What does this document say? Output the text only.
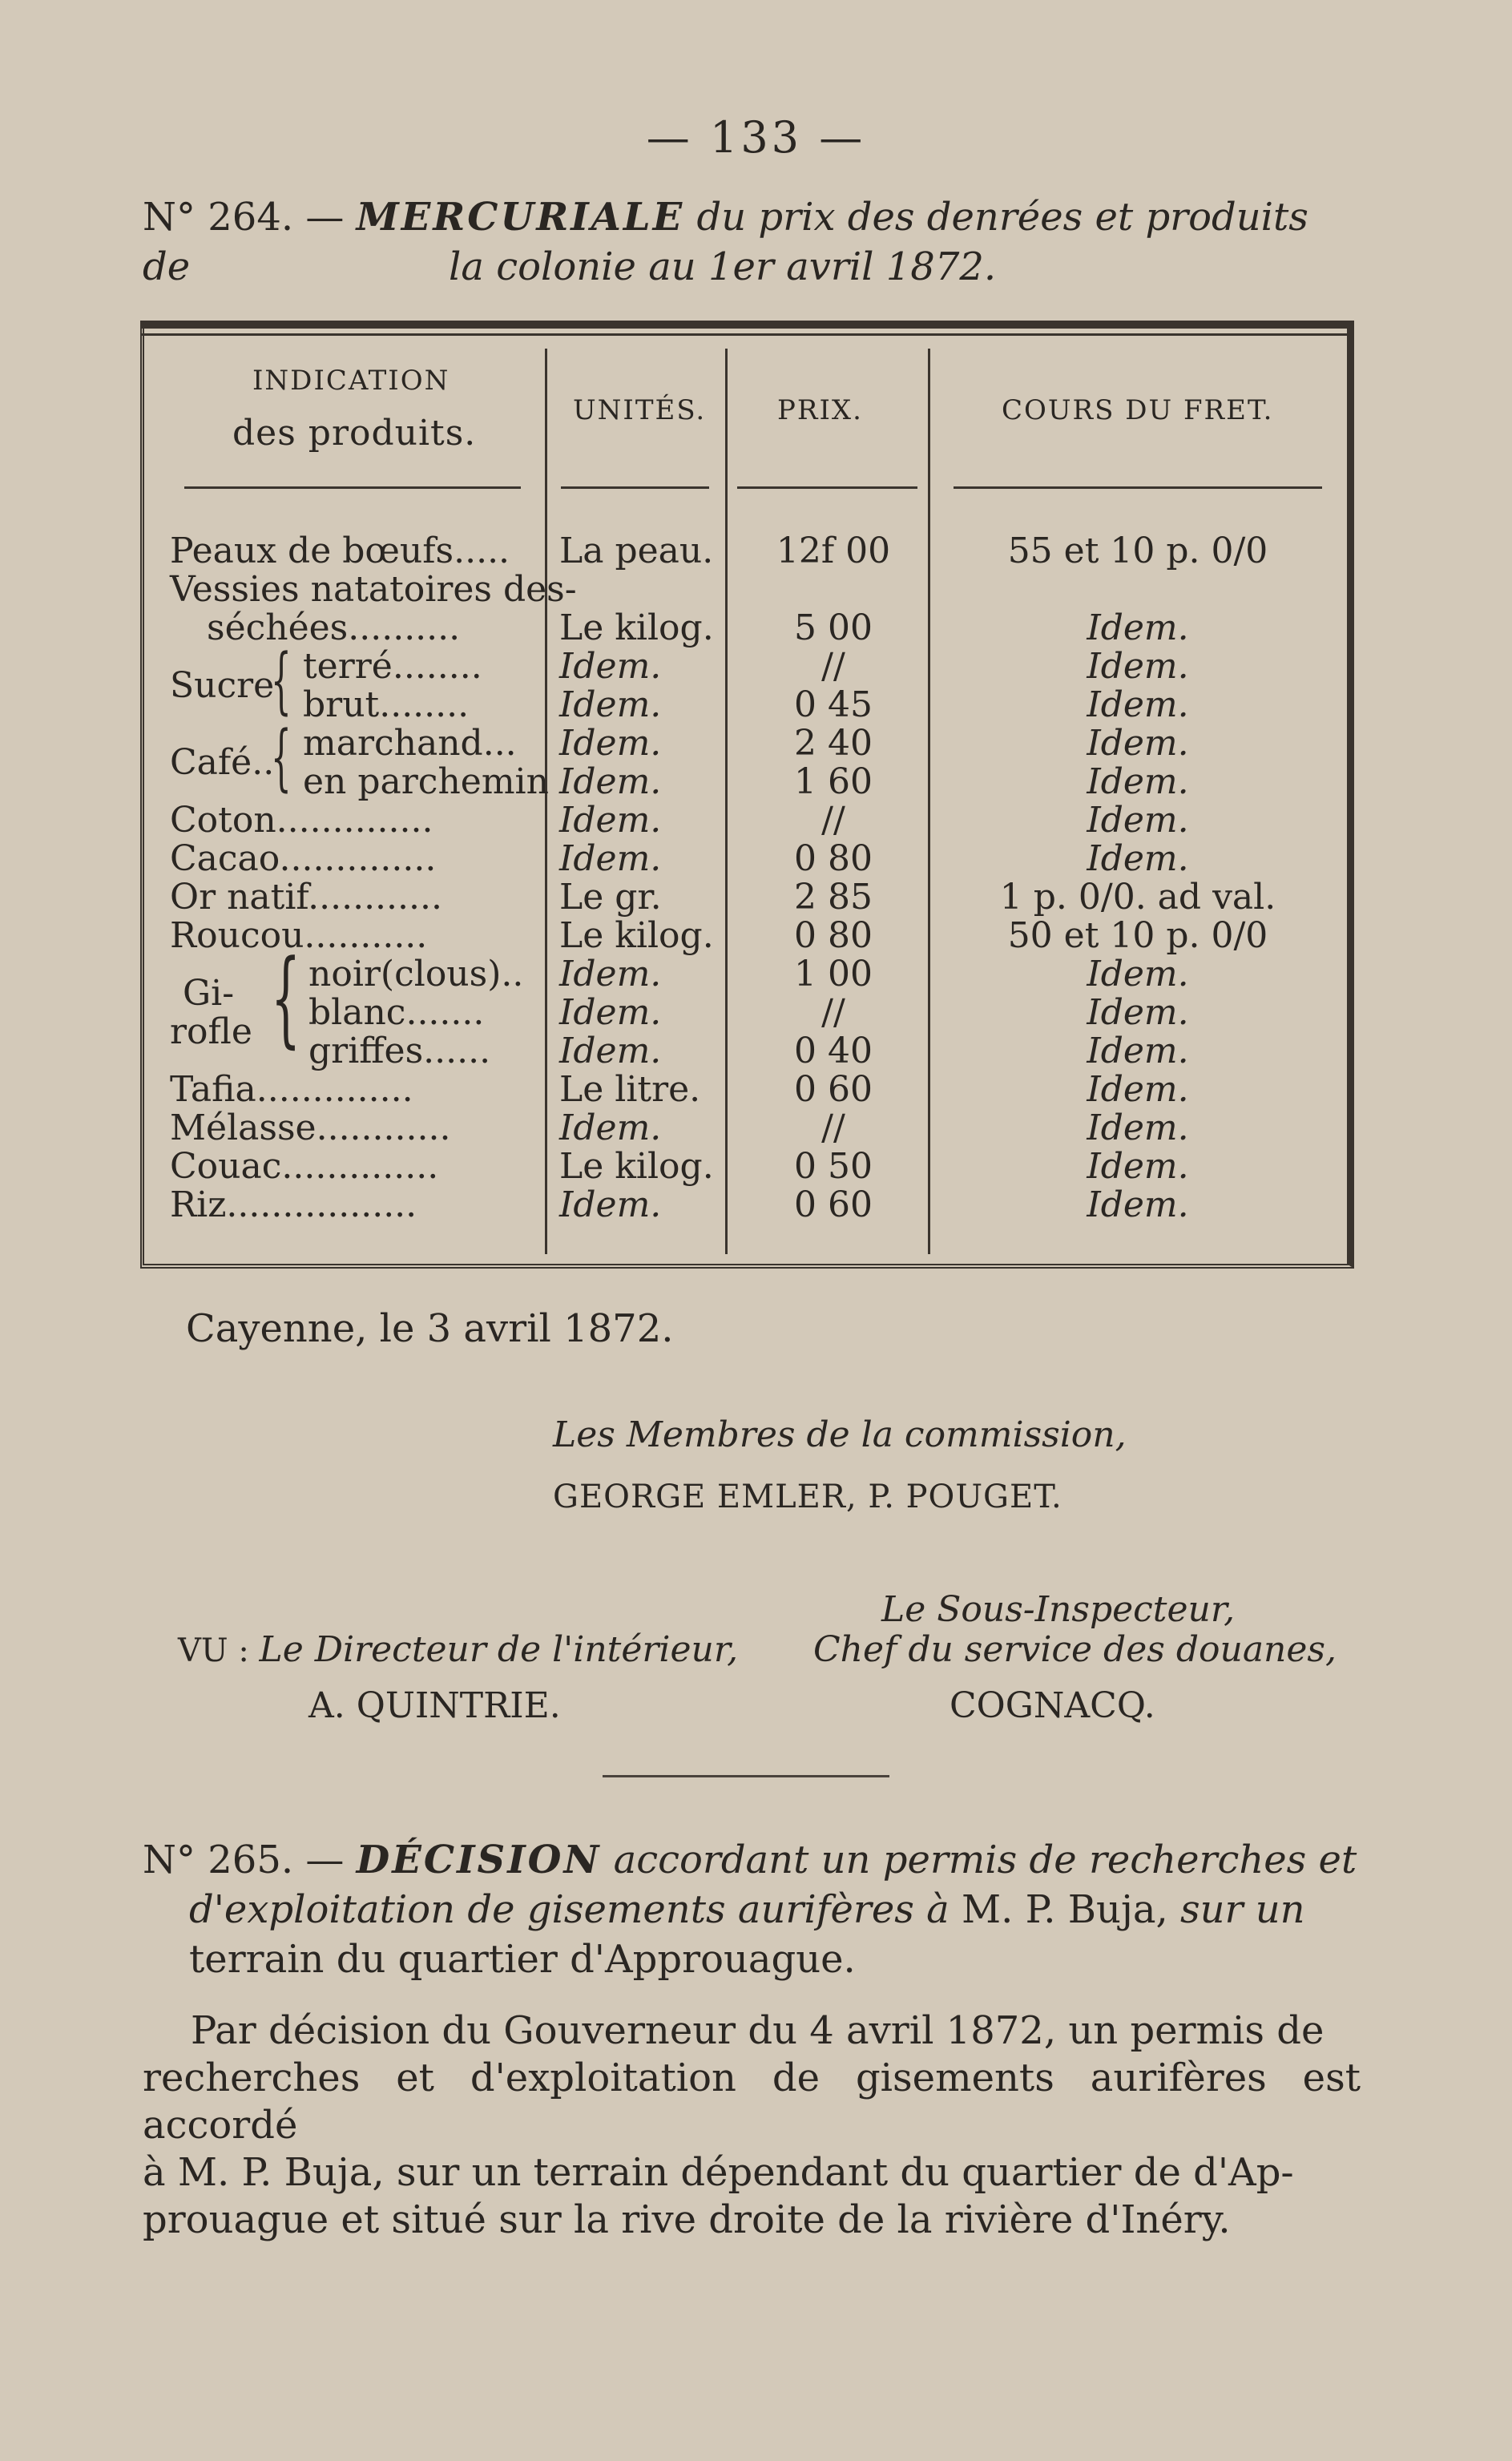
— 133 —
N° 264. — MERCURIALE du prix des denrées et produits de	la colonie au 1er avril 1872.
INDICATION
des produits.
UNITÉS.	PRIX.	COURS DU FRET.
Peaux de bœufs..... La peau.	12f 00	55 et 10 p. 0/0
Vessies natatoires des-
séchées..........	Le kilog.	5 00	Idem.
Sucre
{ terré........ Idem.	//	Idem.
brut........	Idem.	0 45	Idem.
Café..
{ marchand... Idem.	2 40	Idem.
en parchemin Idem.	1 60	Idem.
Coton..............	Idem.	//	Idem.
Cacao..............	Idem.	0 80	Idem.
Or natif............	Le gr.	2 85	1 p. 0/0. ad val.
Roucou...........	Le kilog.	0 80	50 et 10 p. 0/0
Gi-
rofle { noir(clous).. Idem.	1 00	Idem.
blanc....... Idem.	//	Idem.
griffes...... Idem.	0 40	Idem.
Tafia..............	Le litre.	0 60	Idem.
Mélasse............	Idem.	//	Idem.
Couac..............	Le kilog.	0 50	Idem.
Riz.................	Idem.	0 60	Idem.
Cayenne, le 3 avril 1872.
Les Membres de la commission,
GEORGE EMLER, P. POUGET.
Le Sous-Inspecteur,
Chef du service des douanes,
VU : Le Directeur de l'intérieur,
A. QUINTRIE.	COGNACQ.
N° 265. — DÉCISION accordant un permis de recherches et
d'exploitation de gisements aurifères à M. P. Buja, sur un
terrain du quartier d'Approuague.
Par décision du Gouverneur du 4 avril 1872, un permis de
recherches et d'exploitation de gisements aurifères est accordé
à M. P. Buja, sur un terrain dépendant du quartier de d'Ap-
prouague et situé sur la rive droite de la rivière d'Inéry.
